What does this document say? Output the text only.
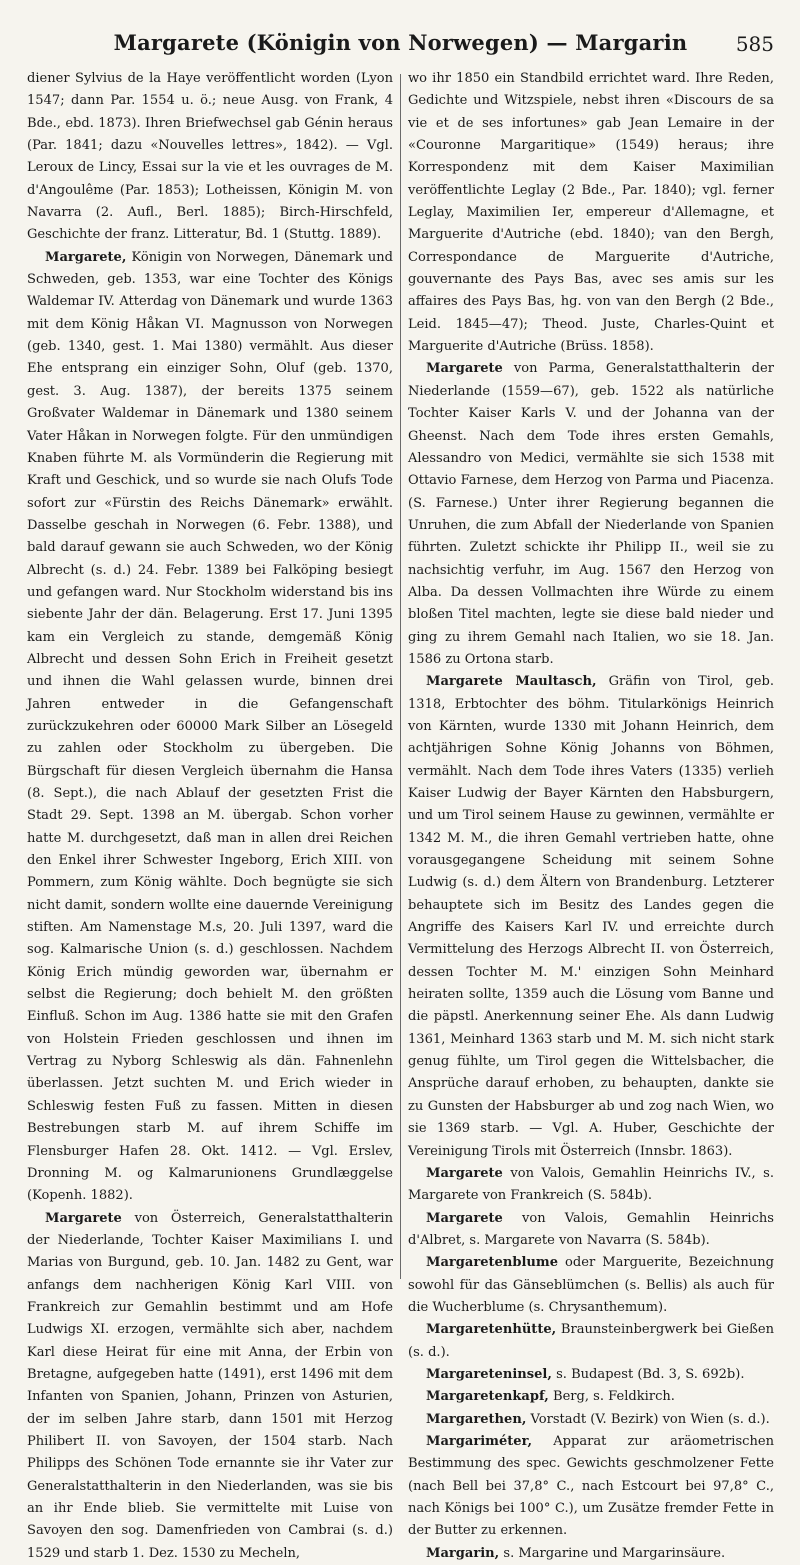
Margarete (Königin von Norwegen) — Margarin	585

diener Sylvius de la Haye veröffentlicht worden (Lyon 1547; dann Par. 1554 u. ö.; neue Ausg. von Frank, 4 Bde., ebd. 1873). Ihren Briefwechsel gab Génin heraus (Par. 1841; dazu «Nouvelles lettres», 1842). — Vgl. Leroux de Lincy, Essai sur la vie et les ouvrages de M. d'Angoulême (Par. 1853); Lotheissen, Königin M. von Navarra (2. Aufl., Berl. 1885); Birch-Hirschfeld, Geschichte der franz. Litteratur, Bd. 1 (Stuttg. 1889).

Margarete, Königin von Norwegen, Dänemark und Schweden, geb. 1353, war eine Tochter des Königs Waldemar IV. Atterdag von Dänemark und wurde 1363 mit dem König Håkan VI. Magnusson von Norwegen (geb. 1340, gest. 1. Mai 1380) vermählt. Aus dieser Ehe entsprang ein einziger Sohn, Oluf (geb. 1370, gest. 3. Aug. 1387), der bereits 1375 seinem Großvater Waldemar in Dänemark und 1380 seinem Vater Håkan in Norwegen folgte. Für den unmündigen Knaben führte M. als Vormünderin die Regierung mit Kraft und Geschick, und so wurde sie nach Olufs Tode sofort zur «Fürstin des Reichs Dänemark» erwählt. Dasselbe geschah in Norwegen (6. Febr. 1388), und bald darauf gewann sie auch Schweden, wo der König Albrecht (s. d.) 24. Febr. 1389 bei Falköping besiegt und gefangen ward. Nur Stockholm widerstand bis ins siebente Jahr der dän. Belagerung. Erst 17. Juni 1395 kam ein Vergleich zu stande, demgemäß König Albrecht und dessen Sohn Erich in Freiheit gesetzt und ihnen die Wahl gelassen wurde, binnen drei Jahren entweder in die Gefangenschaft zurückzukehren oder 60000 Mark Silber an Lösegeld zu zahlen oder Stockholm zu übergeben. Die Bürgschaft für diesen Vergleich übernahm die Hansa (8. Sept.), die nach Ablauf der gesetzten Frist die Stadt 29. Sept. 1398 an M. übergab. Schon vorher hatte M. durchgesetzt, daß man in allen drei Reichen den Enkel ihrer Schwester Ingeborg, Erich XIII. von Pommern, zum König wählte. Doch begnügte sie sich nicht damit, sondern wollte eine dauernde Vereinigung stiften. Am Namenstage M.s, 20. Juli 1397, ward die sog. Kalmarische Union (s. d.) geschlossen. Nachdem König Erich mündig geworden war, übernahm er selbst die Regierung; doch behielt M. den größten Einfluß. Schon im Aug. 1386 hatte sie mit den Grafen von Holstein Frieden geschlossen und ihnen im Vertrag zu Nyborg Schleswig als dän. Fahnenlehn überlassen. Jetzt suchten M. und Erich wieder in Schleswig festen Fuß zu fassen. Mitten in diesen Bestrebungen starb M. auf ihrem Schiffe im Flensburger Hafen 28. Okt. 1412. — Vgl. Erslev, Dronning M. og Kalmarunionens Grundlæggelse (Kopenh. 1882).

Margarete von Österreich, Generalstatthalterin der Niederlande, Tochter Kaiser Maximilians I. und Marias von Burgund, geb. 10. Jan. 1482 zu Gent, war anfangs dem nachherigen König Karl VIII. von Frankreich zur Gemahlin bestimmt und am Hofe Ludwigs XI. erzogen, vermählte sich aber, nachdem Karl diese Heirat für eine mit Anna, der Erbin von Bretagne, aufgegeben hatte (1491), erst 1496 mit dem Infanten von Spanien, Johann, Prinzen von Asturien, der im selben Jahre starb, dann 1501 mit Herzog Philibert II. von Savoyen, der 1504 starb. Nach Philipps des Schönen Tode ernannte sie ihr Vater zur Generalstatthalterin in den Niederlanden, was sie bis an ihr Ende blieb. Sie vermittelte mit Luise von Savoyen den sog. Damenfrieden von Cambrai (s. d.) 1529 und starb 1. Dez. 1530 zu Mecheln,

wo ihr 1850 ein Standbild errichtet ward. Ihre Reden, Gedichte und Witzspiele, nebst ihren «Discours de sa vie et de ses infortunes» gab Jean Lemaire in der «Couronne Margaritique» (1549) heraus; ihre Korrespondenz mit dem Kaiser Maximilian veröffentlichte Leglay (2 Bde., Par. 1840); vgl. ferner Leglay, Maximilien Ier, empereur d'Allemagne, et Marguerite d'Autriche (ebd. 1840); van den Bergh, Correspondance de Marguerite d'Autriche, gouvernante des Pays Bas, avec ses amis sur les affaires des Pays Bas, hg. von van den Bergh (2 Bde., Leid. 1845—47); Theod. Juste, Charles-Quint et Marguerite d'Autriche (Brüss. 1858).

Margarete von Parma, Generalstatthalterin der Niederlande (1559—67), geb. 1522 als natürliche Tochter Kaiser Karls V. und der Johanna van der Gheenst. Nach dem Tode ihres ersten Gemahls, Alessandro von Medici, vermählte sie sich 1538 mit Ottavio Farnese, dem Herzog von Parma und Piacenza. (S. Farnese.) Unter ihrer Regierung begannen die Unruhen, die zum Abfall der Niederlande von Spanien führten. Zuletzt schickte ihr Philipp II., weil sie zu nachsichtig verfuhr, im Aug. 1567 den Herzog von Alba. Da dessen Vollmachten ihre Würde zu einem bloßen Titel machten, legte sie diese bald nieder und ging zu ihrem Gemahl nach Italien, wo sie 18. Jan. 1586 zu Ortona starb.

Margarete Maultasch, Gräfin von Tirol, geb. 1318, Erbtochter des böhm. Titularkönigs Heinrich von Kärnten, wurde 1330 mit Johann Heinrich, dem achtjährigen Sohne König Johanns von Böhmen, vermählt. Nach dem Tode ihres Vaters (1335) verlieh Kaiser Ludwig der Bayer Kärnten den Habsburgern, und um Tirol seinem Hause zu gewinnen, vermählte er 1342 M. M., die ihren Gemahl vertrieben hatte, ohne vorausgegangene Scheidung mit seinem Sohne Ludwig (s. d.) dem Ältern von Brandenburg. Letzterer behauptete sich im Besitz des Landes gegen die Angriffe des Kaisers Karl IV. und erreichte durch Vermittelung des Herzogs Albrecht II. von Österreich, dessen Tochter M. M.' einzigen Sohn Meinhard heiraten sollte, 1359 auch die Lösung vom Banne und die päpstl. Anerkennung seiner Ehe. Als dann Ludwig 1361, Meinhard 1363 starb und M. M. sich nicht stark genug fühlte, um Tirol gegen die Wittelsbacher, die Ansprüche darauf erhoben, zu behaupten, dankte sie zu Gunsten der Habsburger ab und zog nach Wien, wo sie 1369 starb. — Vgl. A. Huber, Geschichte der Vereinigung Tirols mit Österreich (Innsbr. 1863).

Margarete von Valois, Gemahlin Heinrichs IV., s. Margarete von Frankreich (S. 584b).

Margarete von Valois, Gemahlin Heinrichs d'Albret, s. Margarete von Navarra (S. 584b).

Margaretenblume oder Marguerite, Bezeichnung sowohl für das Gänseblümchen (s. Bellis) als auch für die Wucherblume (s. Chrysanthemum).

Margaretenhütte, Braunsteinbergwerk bei Gießen (s. d.).

Margareteninsel, s. Budapest (Bd. 3, S. 692b).

Margaretenkapf, Berg, s. Feldkirch.

Margarethen, Vorstadt (V. Bezirk) von Wien (s. d.).

Margariméter, Apparat zur aräometrischen Bestimmung des spec. Gewichts geschmolzener Fette (nach Bell bei 37,8° C., nach Estcourt bei 97,8° C., nach Königs bei 100° C.), um Zusätze fremder Fette in der Butter zu erkennen.

Margarin, s. Margarine und Margarinsäure.
